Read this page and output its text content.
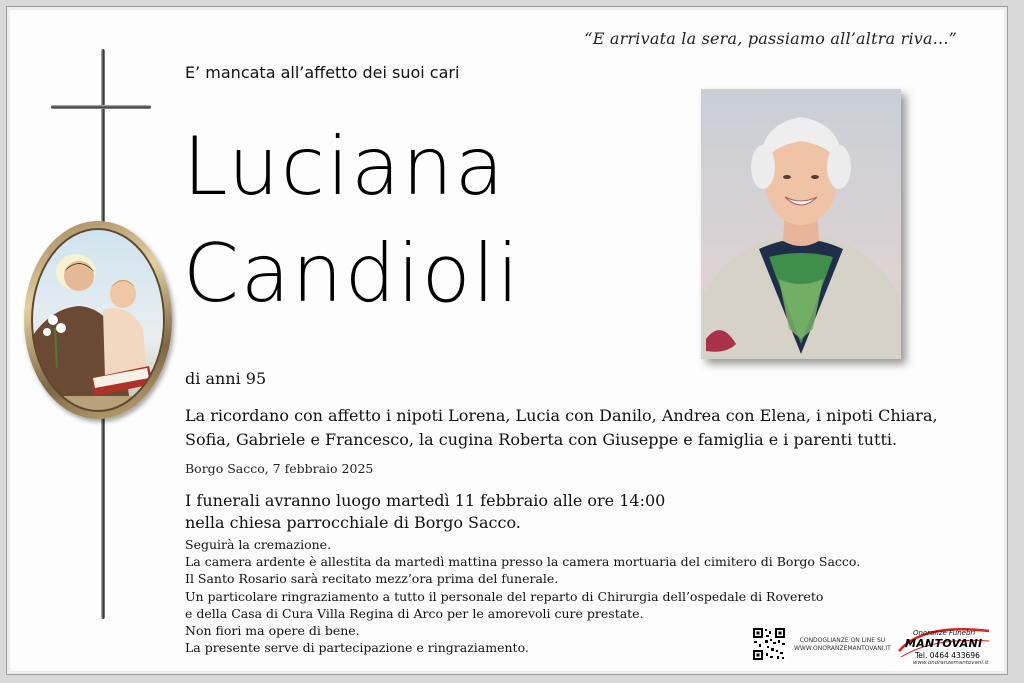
“E arrivata la sera, passiamo all’altra riva...”
E’ mancata all’affetto dei suoi cari
Luciana
Candioli
di anni 95
La ricordano con affetto i nipoti Lorena, Lucia con Danilo, Andrea con Elena, i nipoti Chiara, Sofia, Gabriele e Francesco, la cugina Roberta con Giuseppe e famiglia e i parenti tutti.
Borgo Sacco, 7 febbraio 2025
I funerali avranno luogo martedì 11 febbraio alle ore 14:00
nella chiesa parrocchiale di Borgo Sacco.
Seguirà la cremazione.
La camera ardente è allestita da martedì mattina presso la camera mortuaria del cimitero di Borgo Sacco.
Il Santo Rosario sarà recitato mezz’ora prima del funerale.
Un particolare ringraziamento a tutto il personale del reparto di Chirurgia dell’ospedale di Rovereto
e della Casa di Cura Villa Regina di Arco per le amorevoli cure prestate.
Non fiori ma opere di bene.
La presente serve di partecipazione e ringraziamento.	CONDOGLIANZE ON LINE SU
WWW.ONORANZEMANTOVANI.IT
Onoranze Funebri
MANTOVANI
Tel. 0464 433696
www.onoranzemantovani.it
